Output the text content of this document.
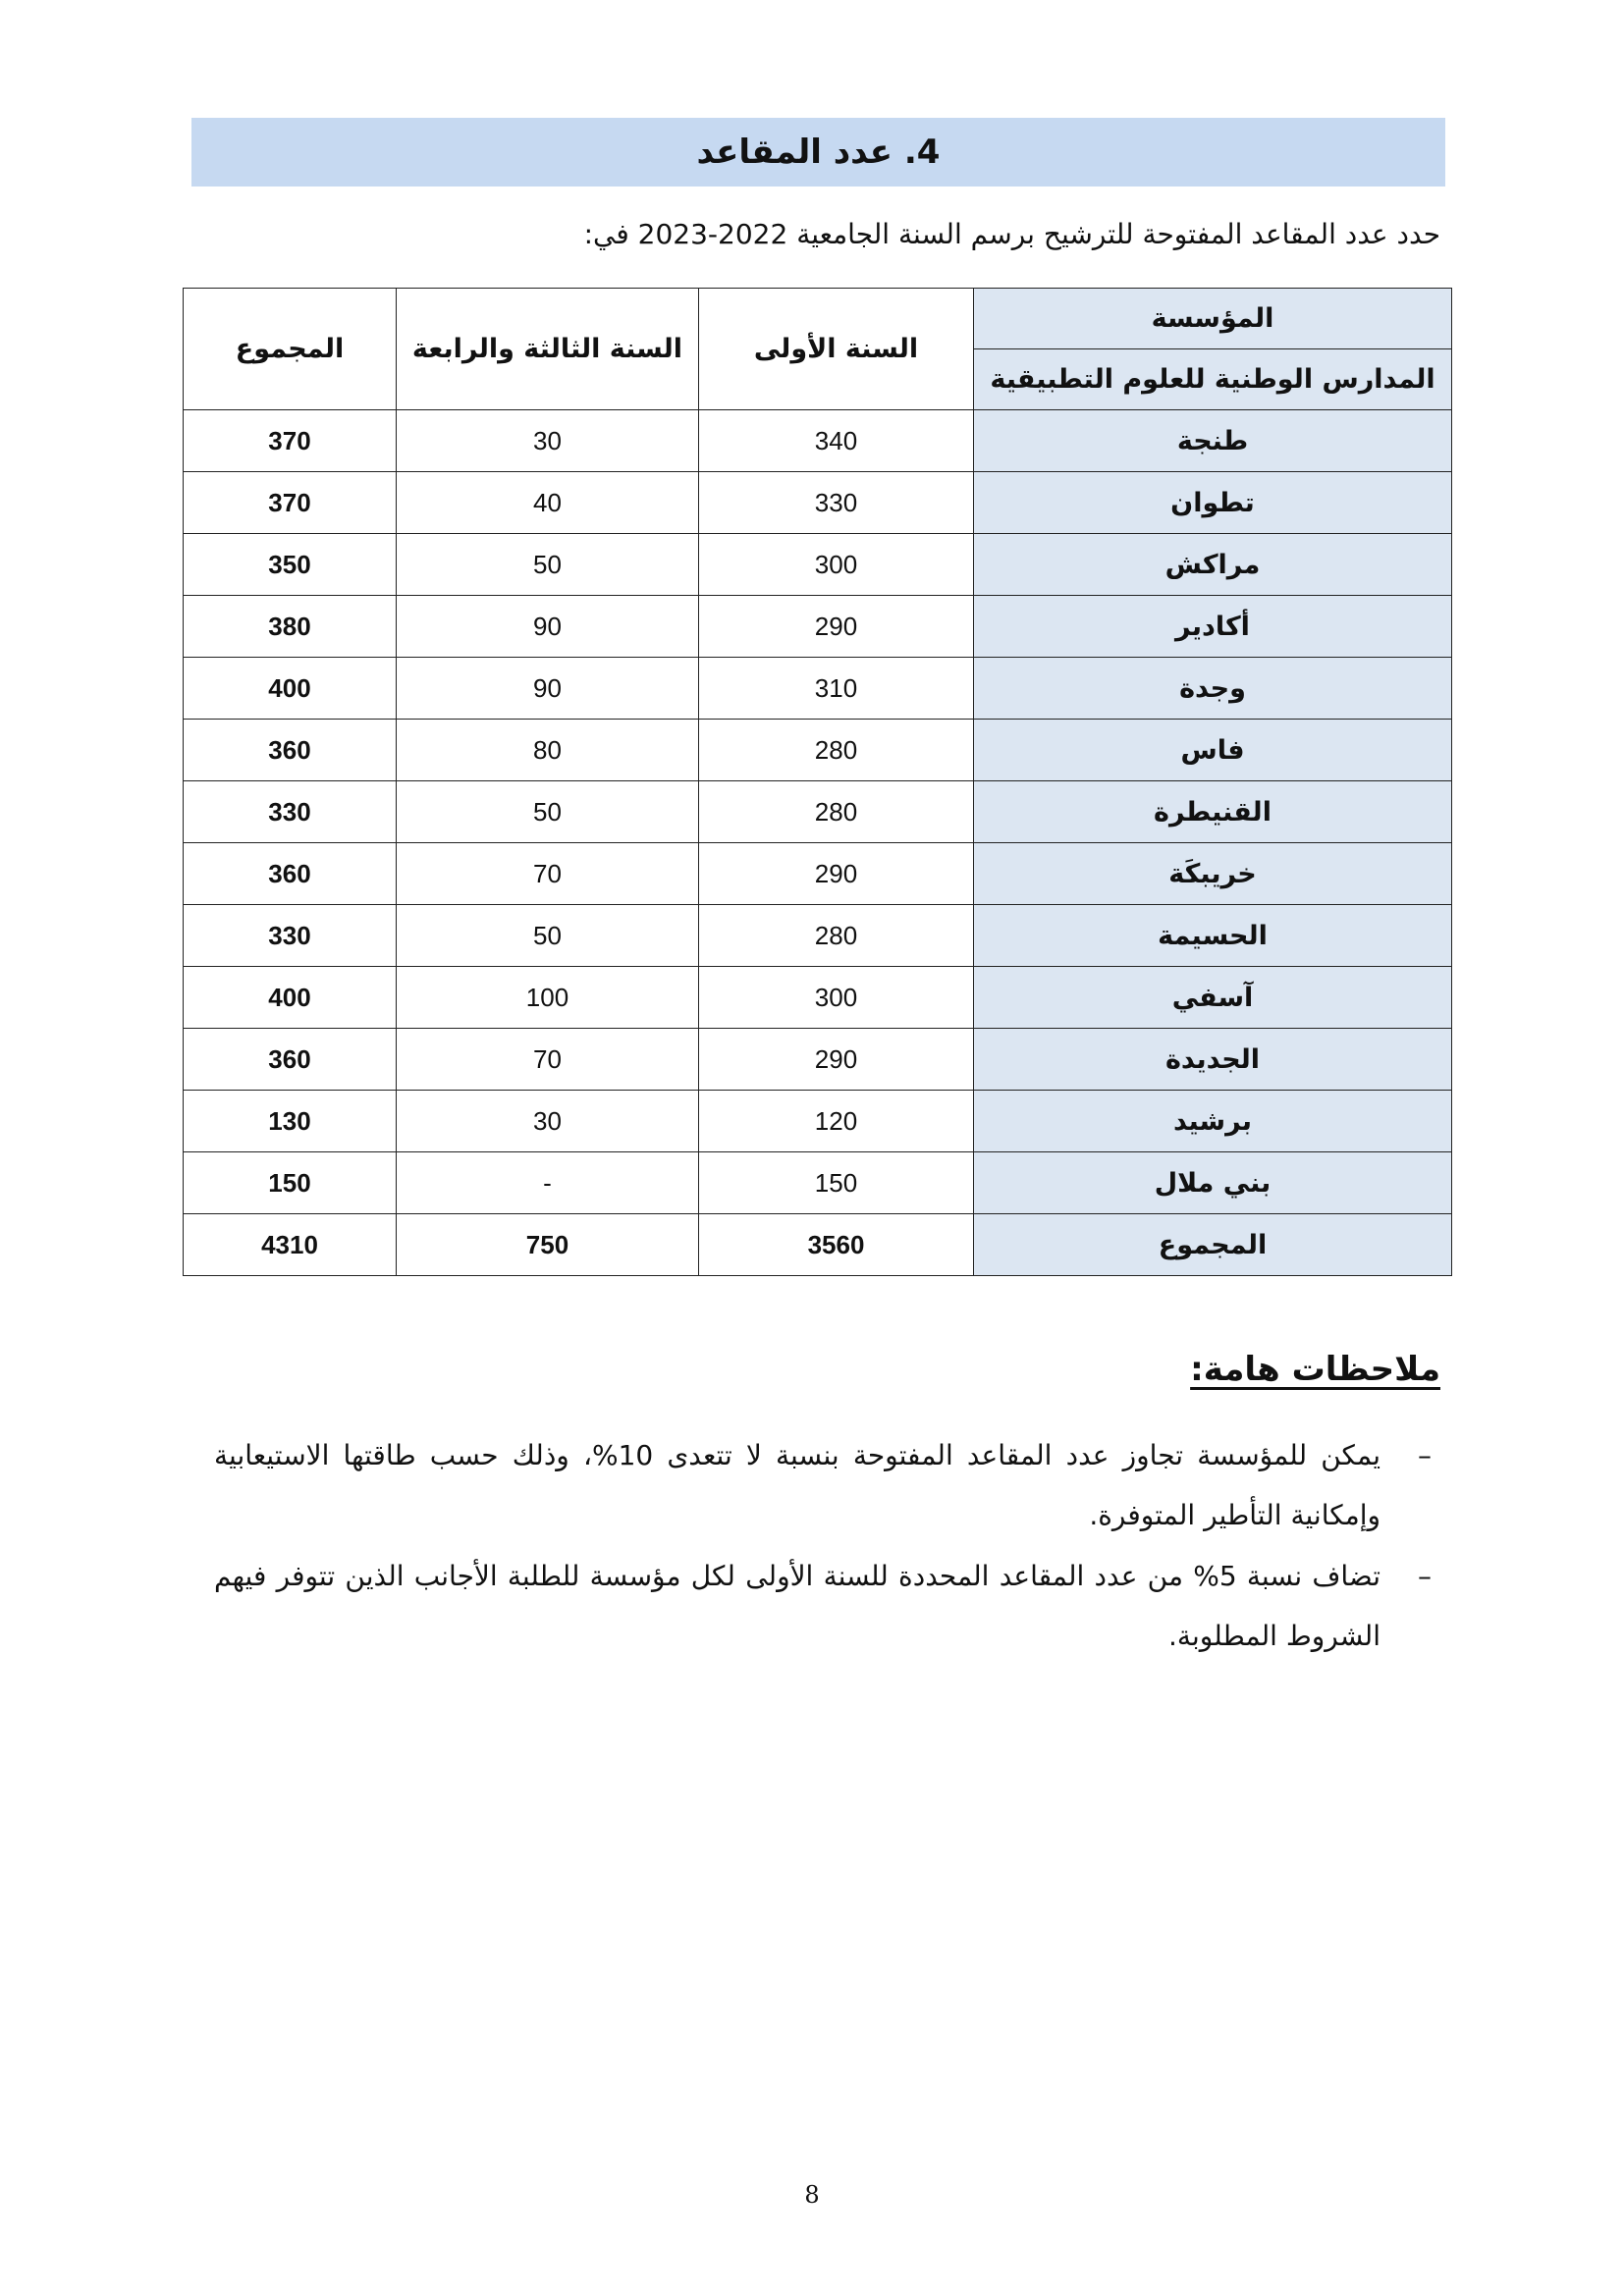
4. عدد المقاعد
حدد عدد المقاعد المفتوحة للترشيح برسم السنة الجامعية 2022-2023 في:
المؤسسة	السنة الأولى	السنة الثالثة والرابعة	المجموع
المدارس الوطنية للعلوم التطبيقية			
طنجة	340	30	370
تطوان	330	40	370
مراكش	300	50	350
أكادير	290	90	380
وجدة	310	90	400
فاس	280	80	360
القنيطرة	280	50	330
خريبكَة	290	70	360
الحسيمة	280	50	330
آسفي	300	100	400
الجديدة	290	70	360
برشيد	120	30	130
بني ملال	150	-	150
المجموع	3560	750	4310
ملاحظات هامة:
–
يمكن للمؤسسة تجاوز عدد المقاعد المفتوحة بنسبة لا تتعدى 10%، وذلك حسب طاقتها الاستيعابية وإمكانية التأطير المتوفرة.
–
تضاف نسبة 5% من عدد المقاعد المحددة للسنة الأولى لكل مؤسسة للطلبة الأجانب الذين تتوفر فيهم الشروط المطلوبة.
8
